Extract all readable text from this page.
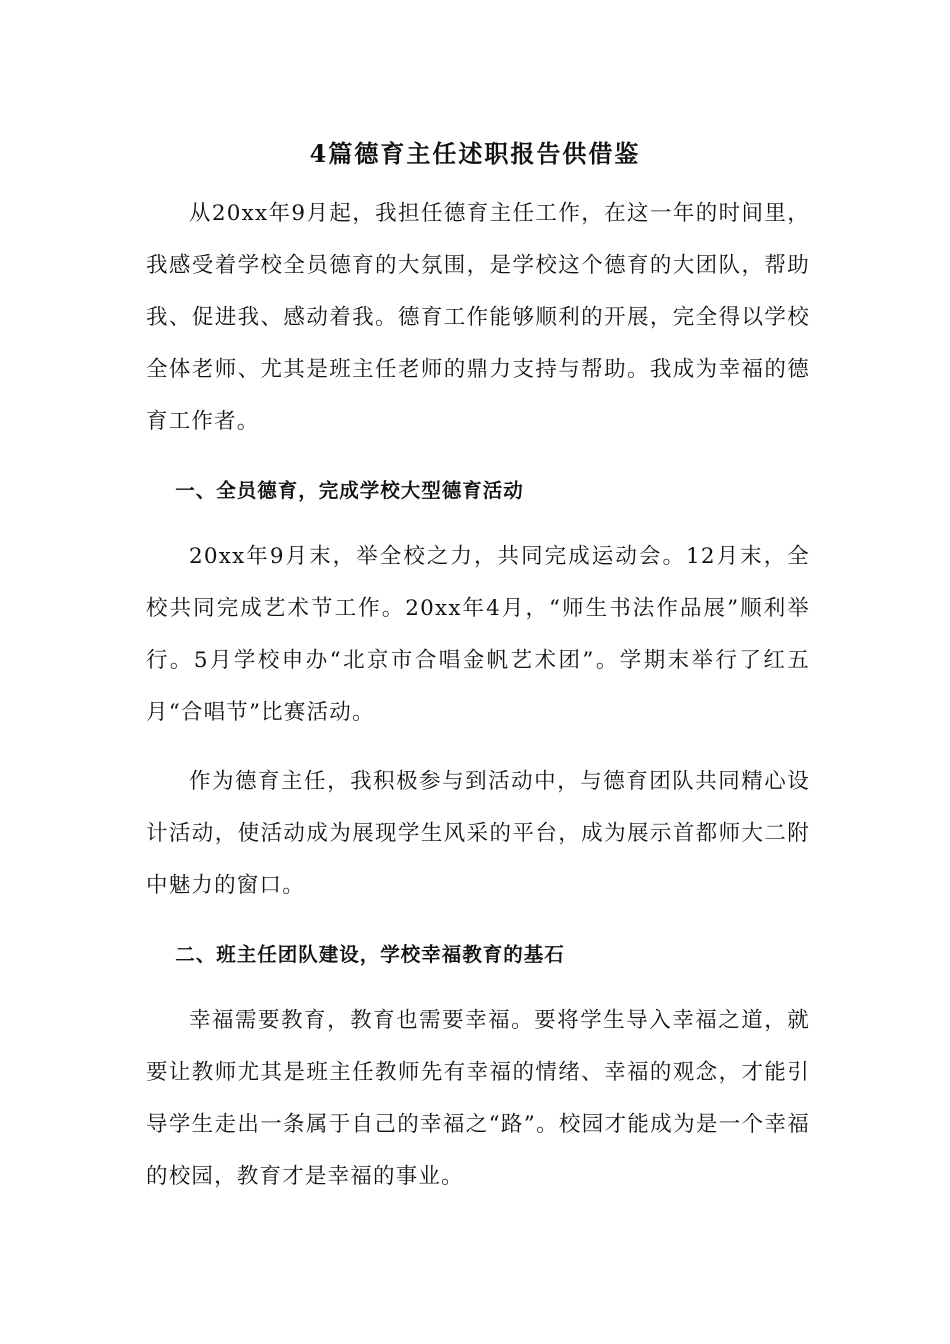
4篇德育主任述职报告供借鉴

从20xx年9月起，我担任德育主任工作，在这一年的时间里，我感受着学校全员德育的大氛围，是学校这个德育的大团队，帮助我、促进我、感动着我。德育工作能够顺利的开展，完全得以学校全体老师、尤其是班主任老师的鼎力支持与帮助。我成为幸福的德育工作者。

一、全员德育，完成学校大型德育活动

20xx年9月末，举全校之力，共同完成运动会。12月末，全校共同完成艺术节工作。20xx年4月，“师生书法作品展”顺利举行。5月学校申办“北京市合唱金帆艺术团”。学期末举行了红五月“合唱节”比赛活动。

作为德育主任，我积极参与到活动中，与德育团队共同精心设计活动，使活动成为展现学生风采的平台，成为展示首都师大二附中魅力的窗口。

二、班主任团队建设，学校幸福教育的基石

幸福需要教育，教育也需要幸福。要将学生导入幸福之道，就要让教师尤其是班主任教师先有幸福的情绪、幸福的观念，才能引导学生走出一条属于自己的幸福之“路”。校园才能成为是一个幸福的校园，教育才是幸福的事业。
